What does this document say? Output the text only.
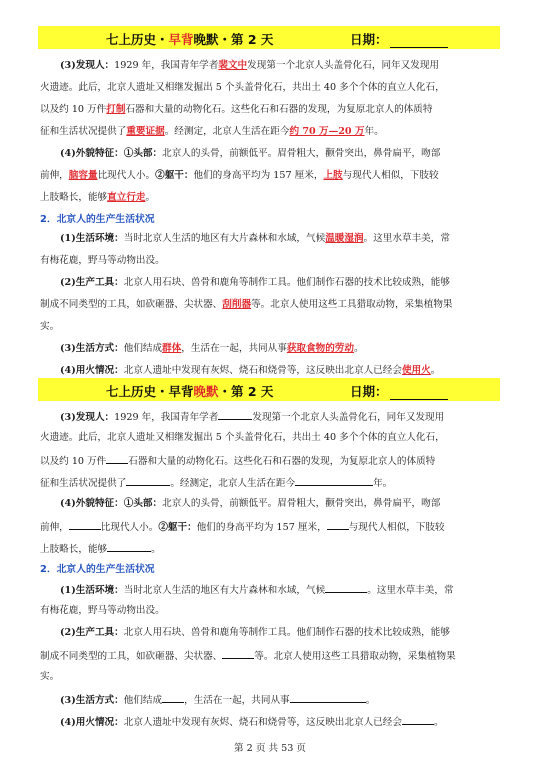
七上历史・早背晚默・第 2 天	日期：
(3)发现人：1929 年，我国青年学者裴文中发现第一个北京人头盖骨化石，同年又发现用
火遗迹。此后，北京人遗址又相继发掘出 5 个头盖骨化石，共出土 40 多个个体的直立人化石，
以及约 10 万件打制石器和大量的动物化石。这些化石和石器的发现，为复原北京人的体质特
征和生活状况提供了重要证据。经测定，北京人生活在距今约 70 万—20 万年。
(4)外貌特征：①头部：北京人的头骨，前额低平。眉骨粗大，颧骨突出，鼻骨扁平，吻部
前伸，脑容量比现代人小。②躯干：他们的身高平均为 157 厘米，上肢与现代人相似，下肢较
上肢略长，能够直立行走。
2．北京人的生产生活状况
(1)生活环境：当时北京人生活的地区有大片森林和水域，气候温暖湿润。这里水草丰美，常
有梅花鹿，野马等动物出没。
(2)生产工具：北京人用石块、兽骨和鹿角等制作工具。他们制作石器的技术比较成熟，能够
制成不同类型的工具，如砍砸器、尖状器、刮削器等。北京人使用这些工具猎取动物，采集植物果
实。
(3)生活方式：他们结成群体，生活在一起，共同从事获取食物的劳动。
(4)用火情况：北京人遗址中发现有灰烬、烧石和烧骨等，这反映出北京人已经会使用火。
七上历史・早背晚默・第 2 天	日期：
(3)发现人：1929 年，我国青年学者	发现第一个北京人头盖骨化石，同年又发现用
火遗迹。此后，北京人遗址又相继发掘出 5 个头盖骨化石，共出土 40 多个个体的直立人化石，
以及约 10 万件 石器和大量的动物化石。这些化石和石器的发现，为复原北京人的体质特
征和生活状况提供了	。经测定，北京人生活在距今	年。
(4)外貌特征：①头部：北京人的头骨，前额低平。眉骨粗大，颧骨突出，鼻骨扁平，吻部
前伸，	比现代人小。②躯干：他们的身高平均为 157 厘米， 与现代人相似，下肢较
上肢略长，能够	。
2．北京人的生产生活状况
(1)生活环境：当时北京人生活的地区有大片森林和水域，气候	。这里水草丰美，常
有梅花鹿，野马等动物出没。
(2)生产工具：北京人用石块、兽骨和鹿角等制作工具。他们制作石器的技术比较成熟，能够
制成不同类型的工具，如砍砸器、尖状器、	等。北京人使用这些工具猎取动物，采集植物果
实。
(3)生活方式：他们结成 ，生活在一起，共同从事	。
(4)用火情况：北京人遗址中发现有灰烬、烧石和烧骨等，这反映出北京人已经会	。
第 2 页 共 53 页
